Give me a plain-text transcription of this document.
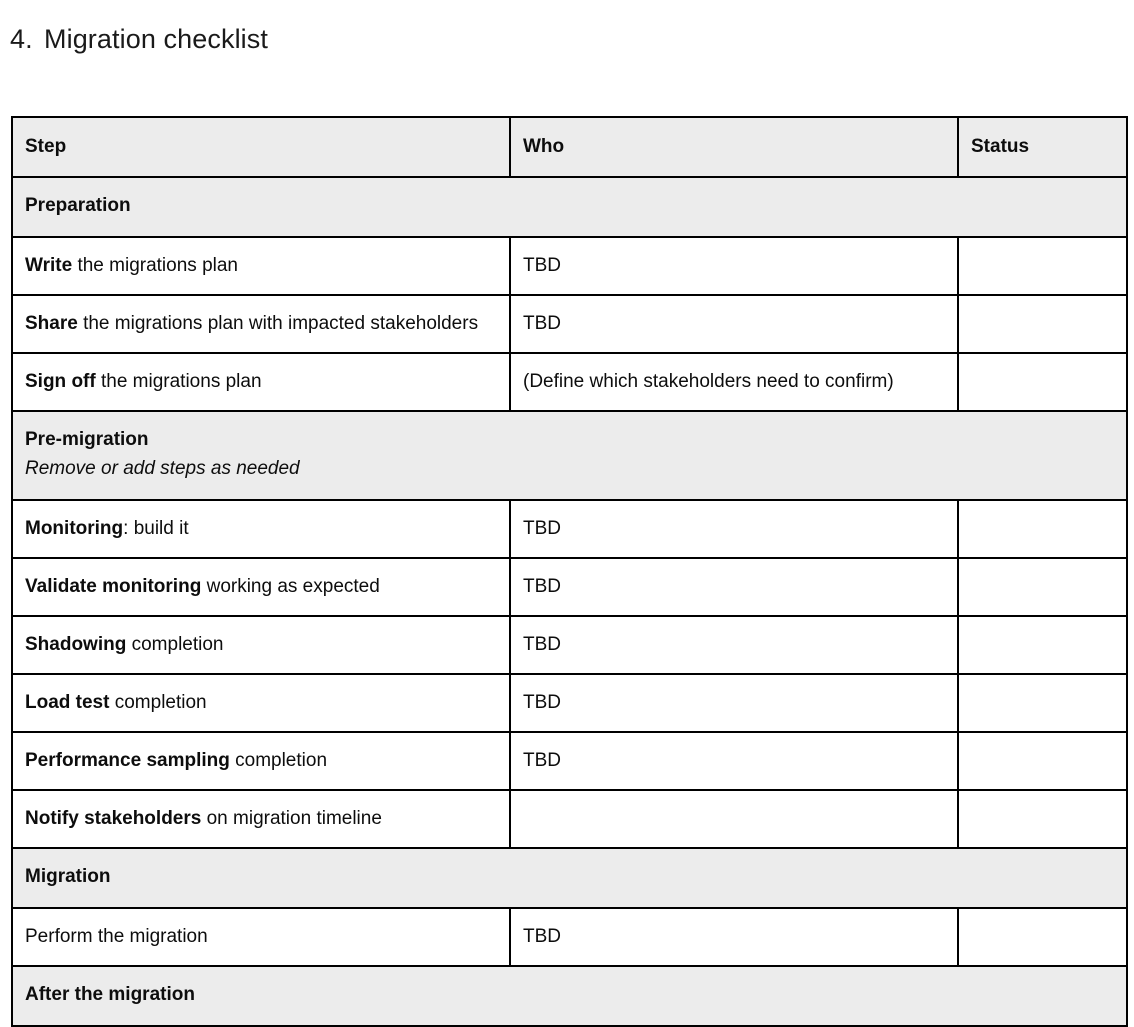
4. Migration checklist
Step	Who	Status
Preparation		
Write the migrations plan	TBD	
Share the migrations plan with impacted stakeholders	TBD	
Sign off the migrations plan	(Define which stakeholders need to confirm)	
Pre-migration
Remove or add steps as needed		

Monitoring: build it	TBD	
Validate monitoring working as expected	TBD	
Shadowing completion	TBD	
Load test completion	TBD	
Performance sampling completion	TBD	
Notify stakeholders on migration timeline		
Migration		
Perform the migration	TBD	
After the migration		
